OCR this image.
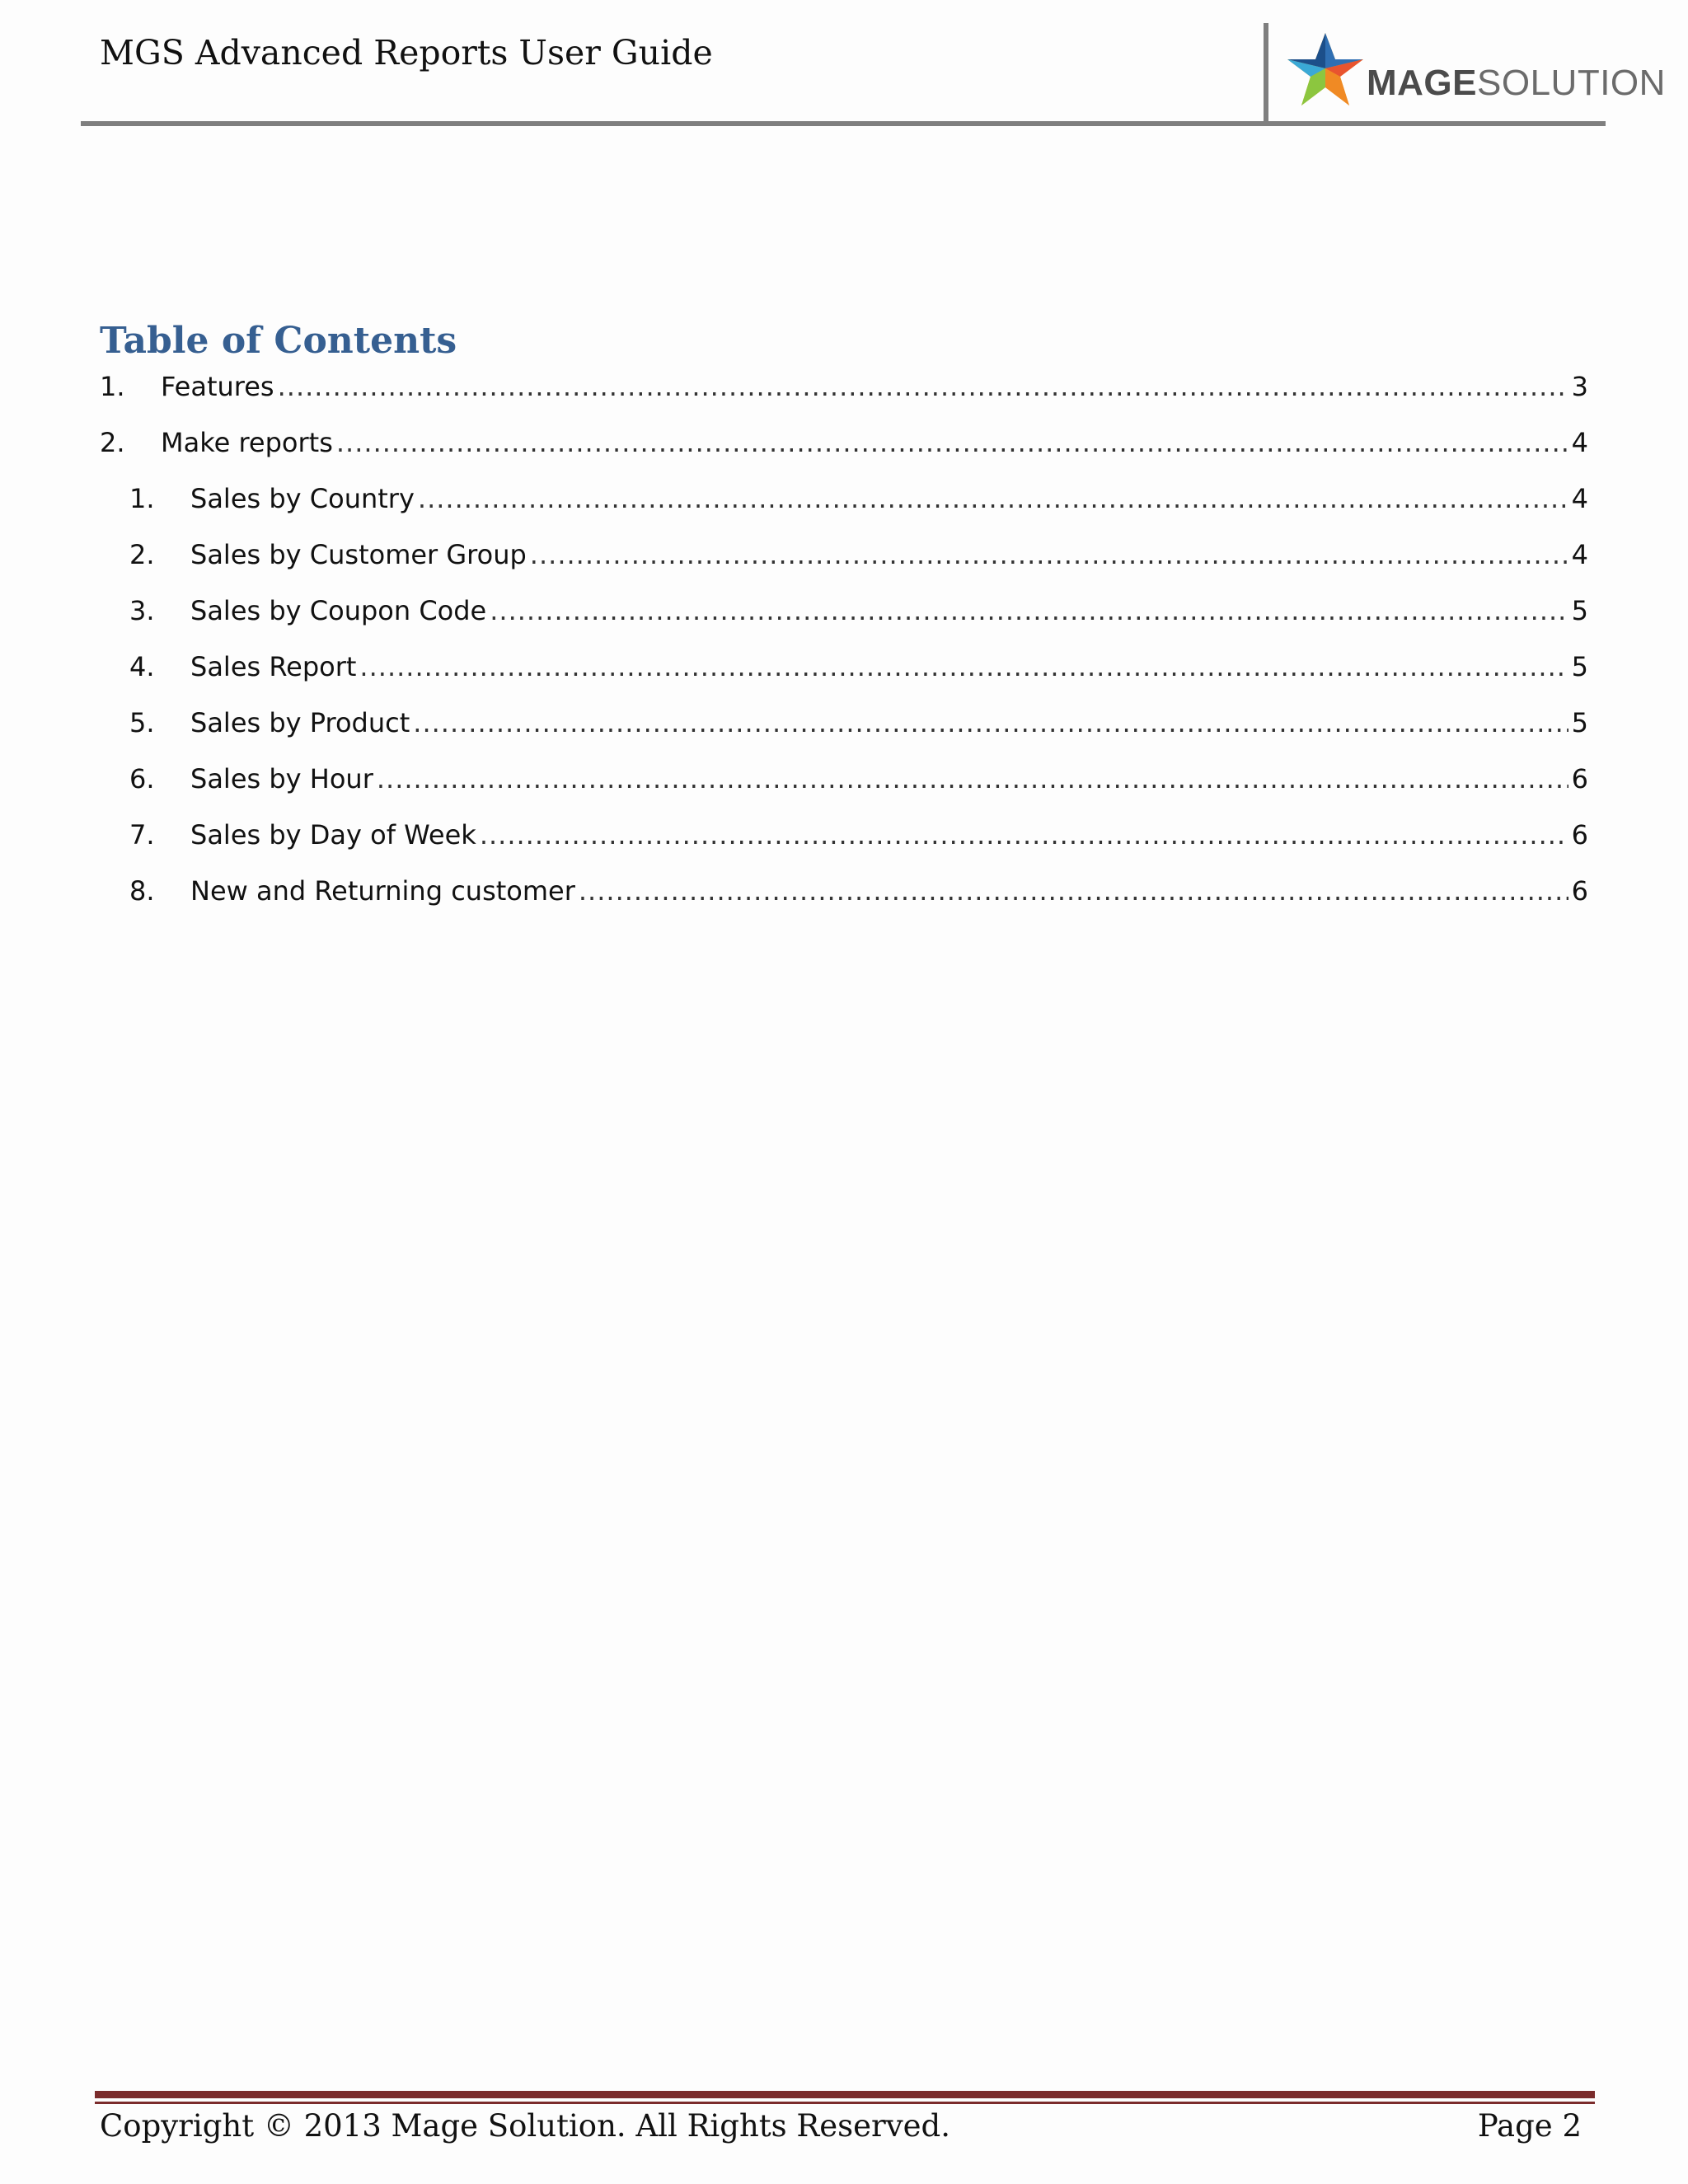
MGS Advanced Reports User Guide
MAGESOLUTION
Table of Contents
1.	Features .....	3
2.	Make reports .....	4
1.	Sales by Country .....	4
2.	Sales by Customer Group .....	4
3.	Sales by Coupon Code .....	5
4.	Sales Report .....	5
5.	Sales by Product .....	5
6.	Sales by Hour .....	6
7.	Sales by Day of Week .....	6
8.	New and Returning customer .....	6
Copyright © 2013 Mage Solution. All Rights Reserved.	Page 2
